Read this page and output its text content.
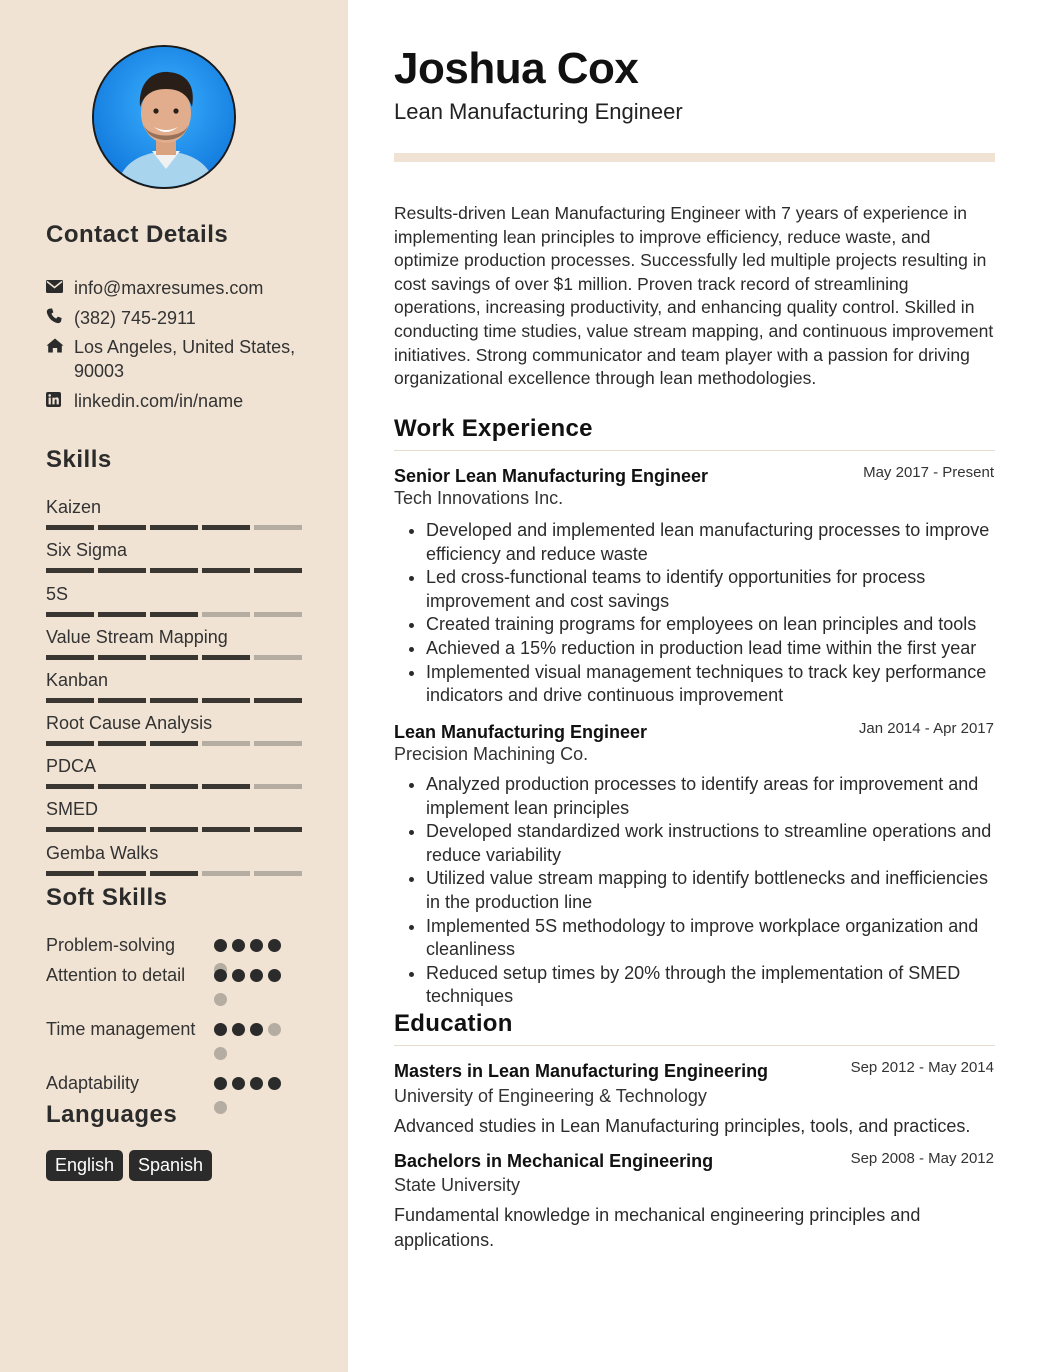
Contact Details
info@maxresumes.com
(382) 745-2911
Los Angeles, United States,
90003
linkedin.com/in/name
Skills
Kaizen
Six Sigma
5S
Value Stream Mapping
Kanban
Root Cause Analysis
PDCA
SMED
Gemba Walks
Soft Skills
Problem-solving
Attention to detail
Time management
Adaptability
Languages
English	Spanish
Joshua Cox
Lean Manufacturing Engineer
Results-driven Lean Manufacturing Engineer with 7 years of experience in implementing lean principles to improve efficiency, reduce waste, and optimize production processes. Successfully led multiple projects resulting in cost savings of over $1 million. Proven track record of streamlining operations, increasing productivity, and enhancing quality control. Skilled in conducting time studies, value stream mapping, and continuous improvement initiatives. Strong communicator and team player with a passion for driving organizational excellence through lean methodologies.
Work Experience
Senior Lean Manufacturing Engineer	May 2017 - Present
Tech Innovations Inc.
Developed and implemented lean manufacturing processes to improve efficiency and reduce waste
Led cross-functional teams to identify opportunities for process improvement and cost savings
Created training programs for employees on lean principles and tools
Achieved a 15% reduction in production lead time within the first year
Implemented visual management techniques to track key performance indicators and drive continuous improvement
Lean Manufacturing Engineer	Jan 2014 - Apr 2017
Precision Machining Co.
Analyzed production processes to identify areas for improvement and implement lean principles
Developed standardized work instructions to streamline operations and reduce variability
Utilized value stream mapping to identify bottlenecks and inefficiencies in the production line
Implemented 5S methodology to improve workplace organization and cleanliness
Reduced setup times by 20% through the implementation of SMED techniques
Education
Masters in Lean Manufacturing Engineering	Sep 2012 - May 2014
University of Engineering & Technology
Advanced studies in Lean Manufacturing principles, tools, and practices.
Bachelors in Mechanical Engineering	Sep 2008 - May 2012
State University
Fundamental knowledge in mechanical engineering principles and applications.
